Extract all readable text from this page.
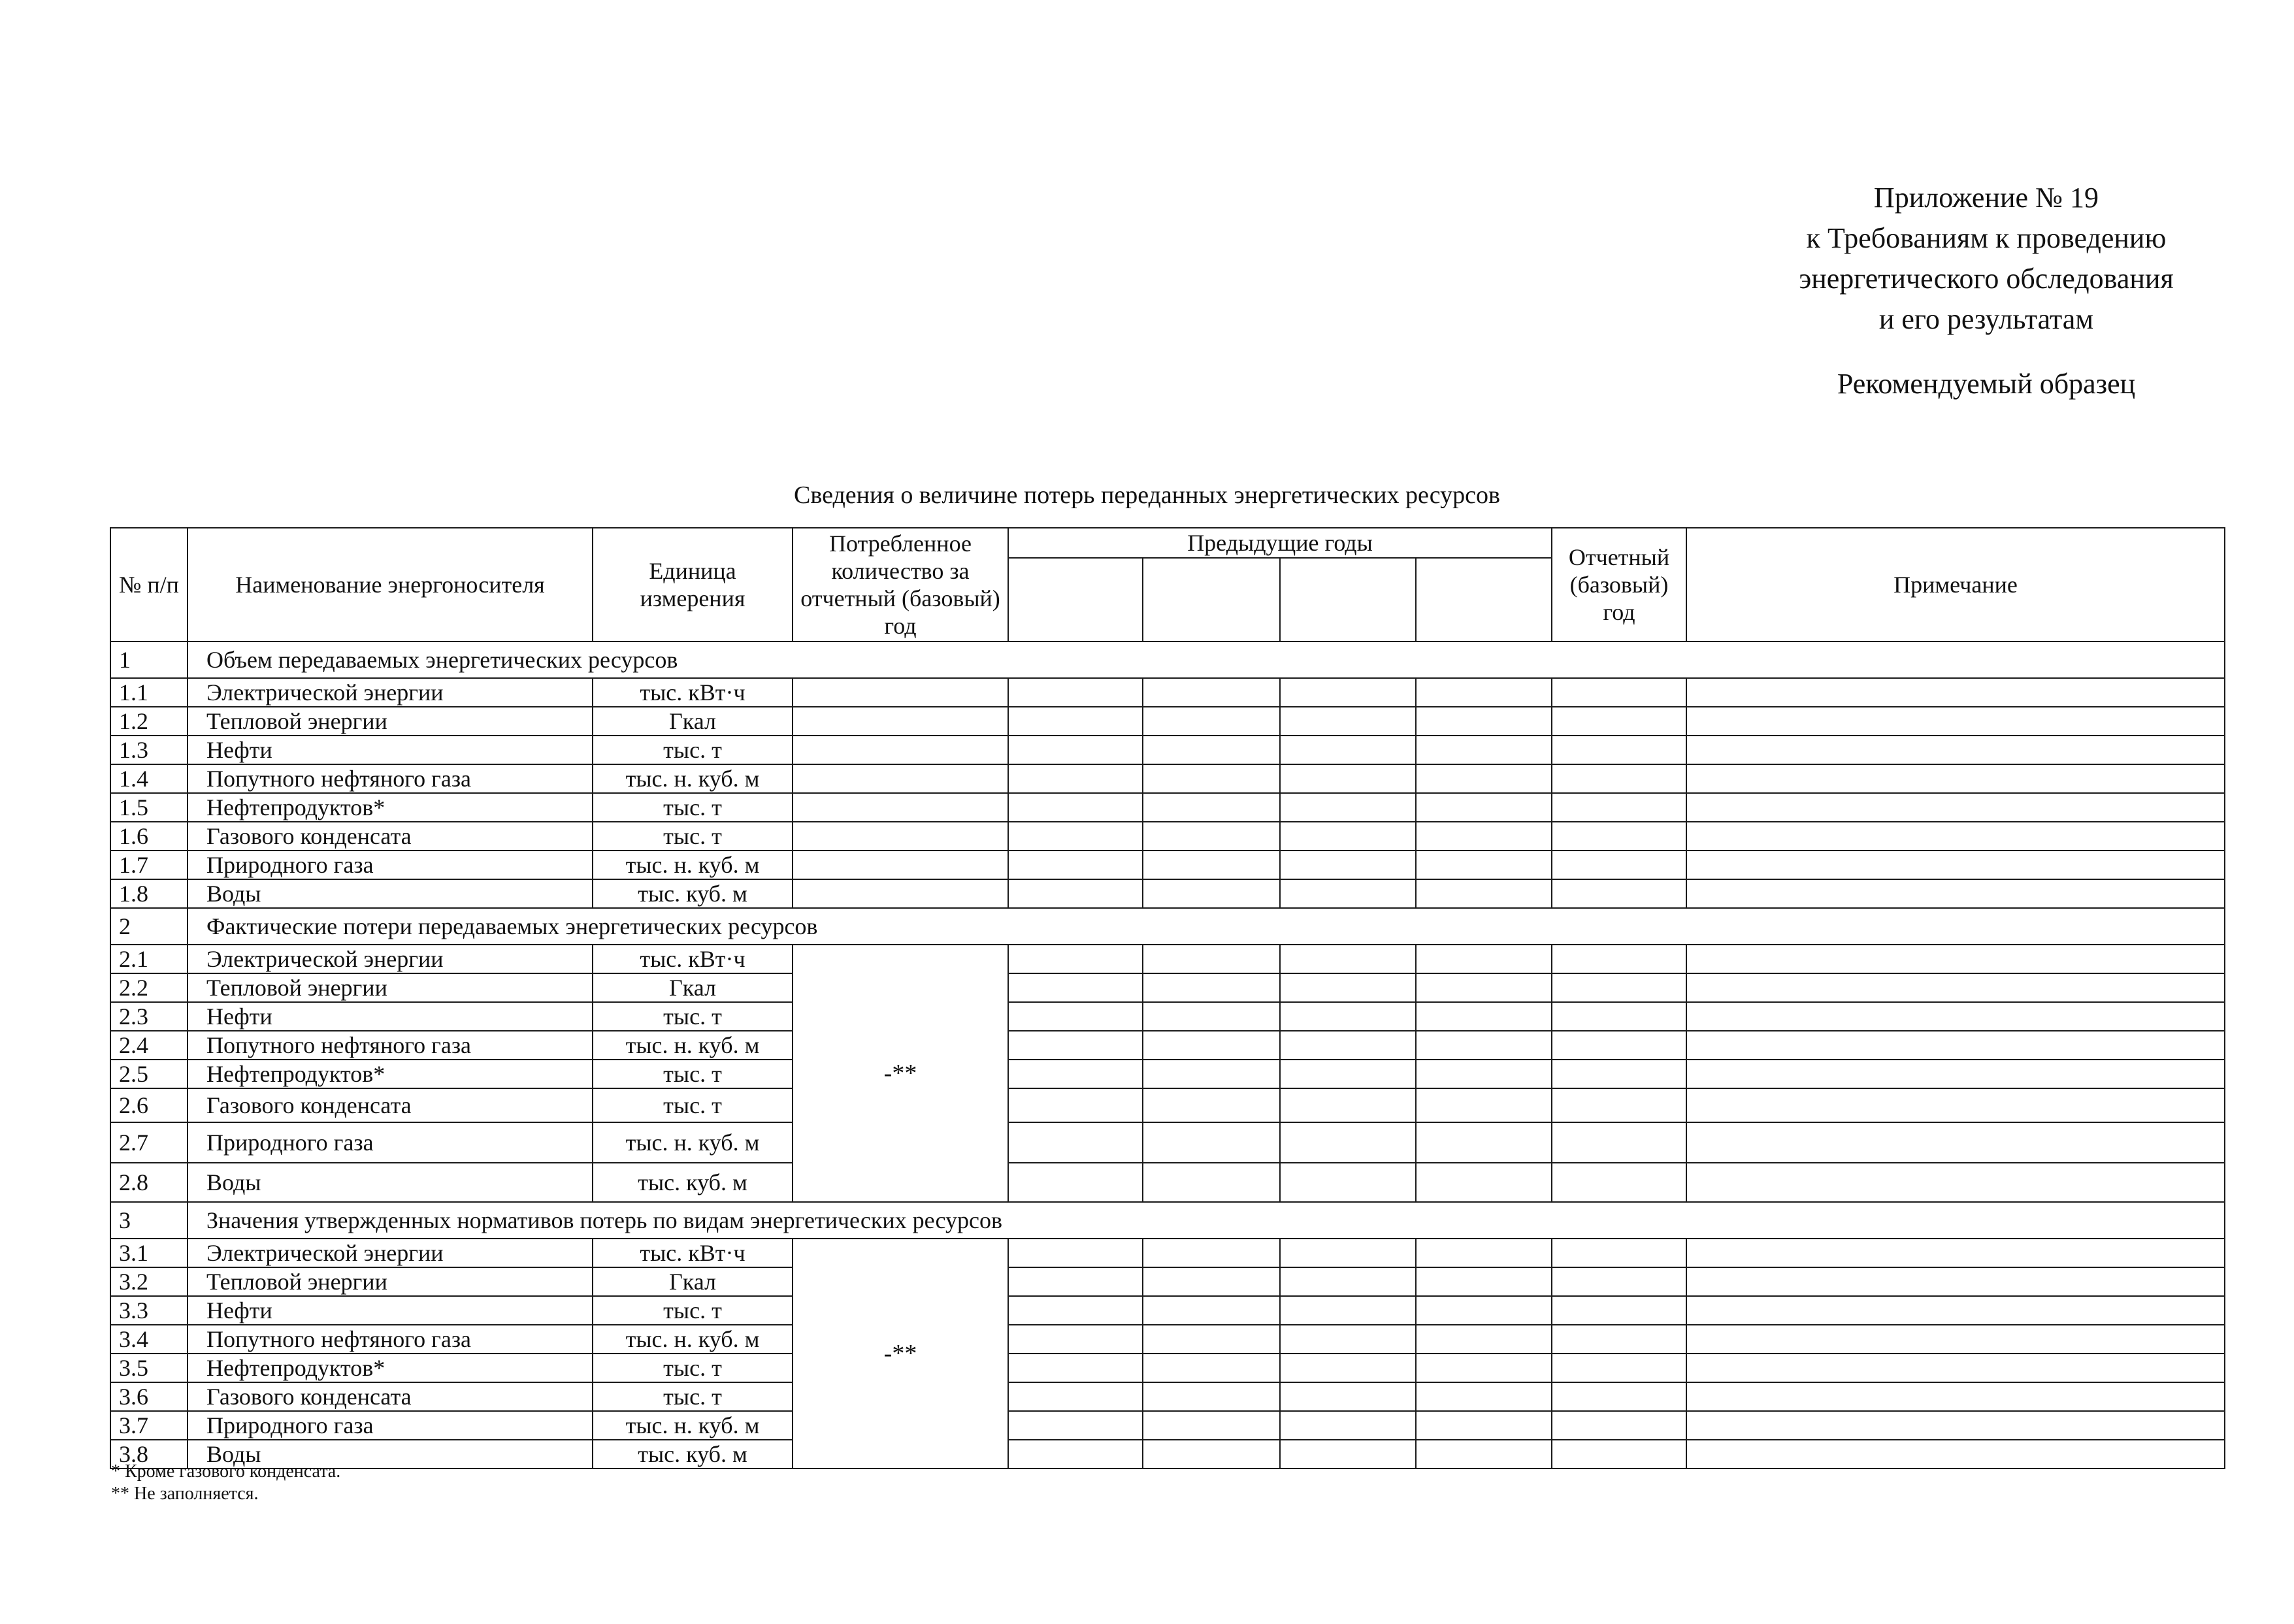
Приложение № 19
к Требованиям к проведению
энергетического обследования
и его результатам
Рекомендуемый образец
Сведения о величине потерь переданных энергетических ресурсов
№ п/п	Наименование энергоносителя	Единица измерения	Потребленное количество за отчетный (базовый) год	Предыдущие годы				Отчетный (базовый) год	Примечание

1	Объем передаваемых энергетических ресурсов								
1.1	Электрической энергии	тыс. кВт·ч							
1.2	Тепловой энергии	Гкал							
1.3	Нефти	тыс. т							
1.4	Попутного нефтяного газа	тыс. н. куб. м							
1.5	Нефтепродуктов*	тыс. т							
1.6	Газового конденсата	тыс. т							
1.7	Природного газа	тыс. н. куб. м							
1.8	Воды	тыс. куб. м							
2	Фактические потери передаваемых энергетических ресурсов								
2.1	Электрической энергии	тыс. кВт·ч	-**						
2.2	Тепловой энергии	Гкал							
2.3	Нефти	тыс. т							
2.4	Попутного нефтяного газа	тыс. н. куб. м							
2.5	Нефтепродуктов*	тыс. т							
2.6	Газового конденсата	тыс. т							
2.7	Природного газа	тыс. н. куб. м							
2.8	Воды	тыс. куб. м							
3	Значения утвержденных нормативов потерь по видам энергетических ресурсов								
3.1	Электрической энергии	тыс. кВт·ч	-**						
3.2	Тепловой энергии	Гкал							
3.3	Нефти	тыс. т							
3.4	Попутного нефтяного газа	тыс. н. куб. м							
3.5	Нефтепродуктов*	тыс. т							
3.6	Газового конденсата	тыс. т							
3.7	Природного газа	тыс. н. куб. м							
3.8	Воды	тыс. куб. м							
* Кроме газового конденсата.
** Не заполняется.
